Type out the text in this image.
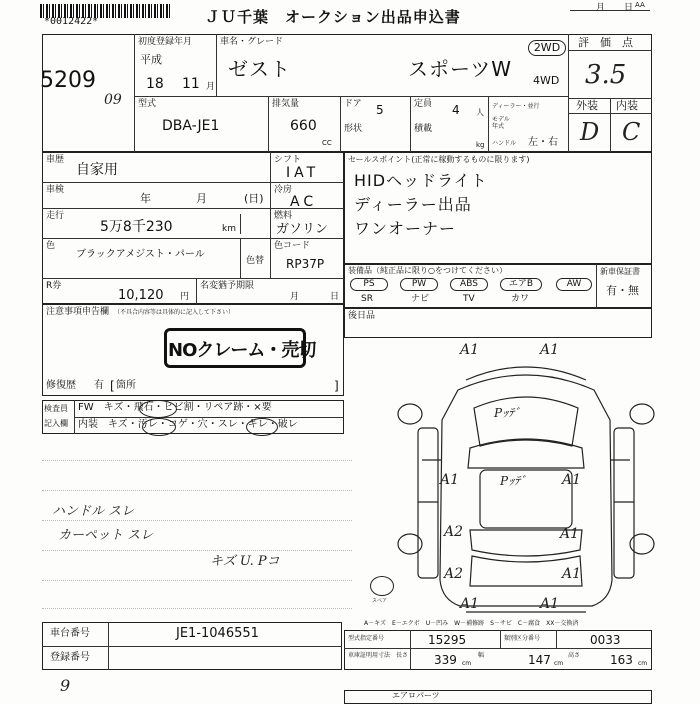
*0012422*	ＪＵ千葉　オークション出品申込書	月 日 AA
5209
09
初度登録年月
平成
18 11 月
車名・グレード
ゼスト	スポーツW
2WD
4WD
評　価　点
3.5
外装 内装
D C
型式
DBA-JE1
排気量
660
CC
ドア 5
形状
定員 4 人
積載
kg
ディーラー・並行
モデル
年式
ハンドル 左・右
車歴
自家用
車検
年	月	(日)
走行
5万8千230	km
色
ブラックアメジスト・パール
色替
R券
10,120 円
名変猶予期限
月	日
シフト
IAT
冷房
AC
燃料
ガソリン
色コード
RP37P
セールスポイント(正常に稼動するものに限ります)
HIDヘッドライト
ディーラー出品
ワンオーナー
装備品（純正品に限り○をつけてください）
PS	PW	ABS	エアB	AW
SR	ナビ	TV	カワ
新車保証書
有・無
後日品
注意事項申告欄 （不具合内容等は具体的に記入して下さい）
NOクレーム・売切
修復歴 有 箇所
[	]
検査員
記入欄
FW　キズ・飛石・ヒビ割・リペア跡・×要
内装　キズ・汚レ・コゲ・穴・スレ・キレ・破レ
ハンドル スレ
カーペット スレ
キズ U. Pコ
スペア
A1	A1
A1	A1
A1
A2
A2	A1
A1	A1
Pｯﾃﾞ
Pｯﾃﾞ
A－キズ　E－エクボ　U－凹み　W－補修跡　S－サビ　C－腐食　XX－交換済
車台番号	JE1-1046551
登録番号
型式指定番号	15295	類別区分番号	0033
車庫証明用寸法 長さ 339 cm
幅	147 cm
高さ 163 cm
9
エアロパーツ
